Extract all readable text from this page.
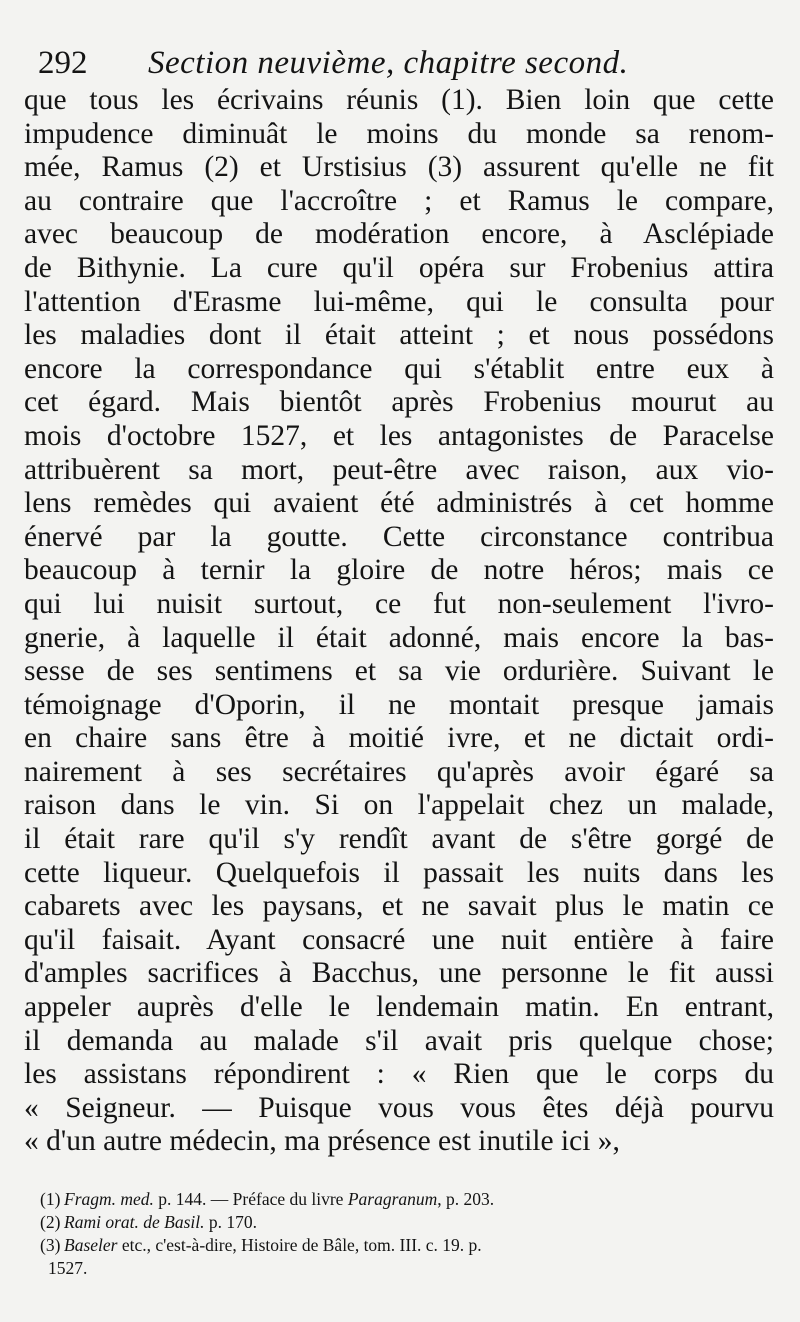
292 Section neuvième, chapitre second.
que tous les écrivains réunis (1). Bien loin que cette
impudence diminuât le moins du monde sa renom-
mée, Ramus (2) et Urstisius (3) assurent qu'elle ne fit
au contraire que l'accroître ; et Ramus le compare,
avec beaucoup de modération encore, à Asclépiade
de Bithynie. La cure qu'il opéra sur Frobenius attira
l'attention d'Erasme lui-même, qui le consulta pour
les maladies dont il était atteint ; et nous possédons
encore la correspondance qui s'établit entre eux à
cet égard. Mais bientôt après Frobenius mourut au
mois d'octobre 1527, et les antagonistes de Paracelse
attribuèrent sa mort, peut-être avec raison, aux vio-
lens remèdes qui avaient été administrés à cet homme
énervé par la goutte. Cette circonstance contribua
beaucoup à ternir la gloire de notre héros; mais ce
qui lui nuisit surtout, ce fut non-seulement l'ivro-
gnerie, à laquelle il était adonné, mais encore la bas-
sesse de ses sentimens et sa vie ordurière. Suivant le
témoignage d'Oporin, il ne montait presque jamais
en chaire sans être à moitié ivre, et ne dictait ordi-
nairement à ses secrétaires qu'après avoir égaré sa
raison dans le vin. Si on l'appelait chez un malade,
il était rare qu'il s'y rendît avant de s'être gorgé de
cette liqueur. Quelquefois il passait les nuits dans les
cabarets avec les paysans, et ne savait plus le matin ce
qu'il faisait. Ayant consacré une nuit entière à faire
d'amples sacrifices à Bacchus, une personne le fit aussi
appeler auprès d'elle le lendemain matin. En entrant,
il demanda au malade s'il avait pris quelque chose;
les assistans répondirent : « Rien que le corps du
« Seigneur. — Puisque vous vous êtes déjà pourvu
« d'un autre médecin, ma présence est inutile ici »,
(1) Fragm. med. p. 144. — Préface du livre Paragranum, p. 203.
(2) Rami orat. de Basil. p. 170.
(3) Baseler etc., c'est-à-dire, Histoire de Bâle, tom. III. c. 19. p.
1527.
